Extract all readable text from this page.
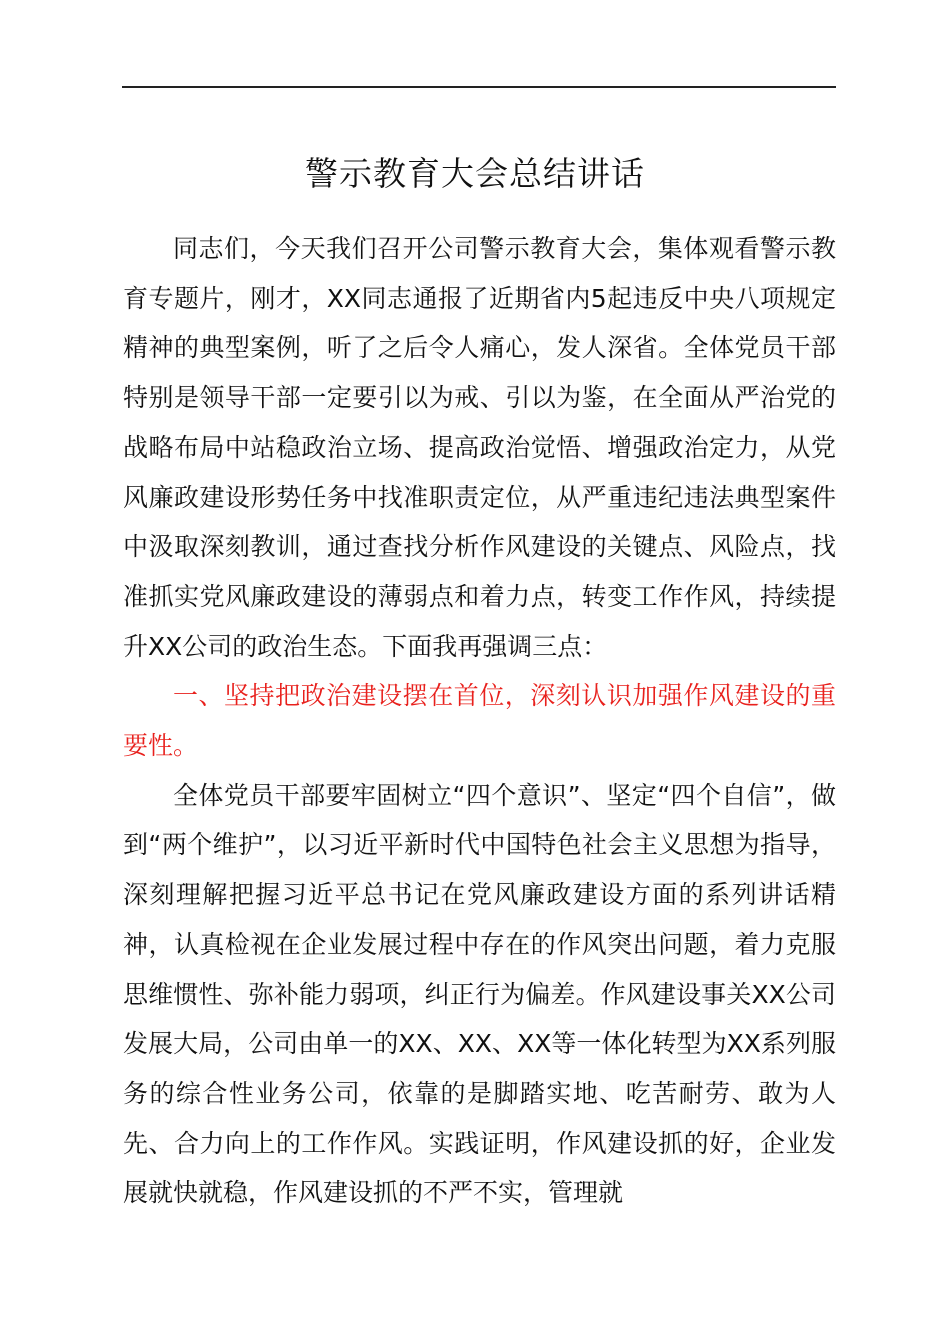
警示教育大会总结讲话

同志们，今天我们召开公司警示教育大会，集体观看警示教育专题片，刚才，XX同志通报了近期省内5起违反中央八项规定精神的典型案例，听了之后令人痛心，发人深省。全体党员干部特别是领导干部一定要引以为戒、引以为鉴，在全面从严治党的战略布局中站稳政治立场、提高政治觉悟、增强政治定力，从党风廉政建设形势任务中找准职责定位，从严重违纪违法典型案件中汲取深刻教训，通过查找分析作风建设的关键点、风险点，找准抓实党风廉政建设的薄弱点和着力点，转变工作作风，持续提升XX公司的政治生态。下面我再强调三点：

一、坚持把政治建设摆在首位，深刻认识加强作风建设的重要性。

全体党员干部要牢固树立“四个意识”、坚定“四个自信”，做到“两个维护”，以习近平新时代中国特色社会主义思想为指导，深刻理解把握习近平总书记在党风廉政建设方面的系列讲话精神，认真检视在企业发展过程中存在的作风突出问题，着力克服思维惯性、弥补能力弱项，纠正行为偏差。作风建设事关XX公司发展大局，公司由单一的XX、XX、XX等一体化转型为XX系列服务的综合性业务公司，依靠的是脚踏实地、吃苦耐劳、敢为人先、合力向上的工作作风。实践证明，作风建设抓的好，企业发展就快就稳，作风建设抓的不严不实，管理就
